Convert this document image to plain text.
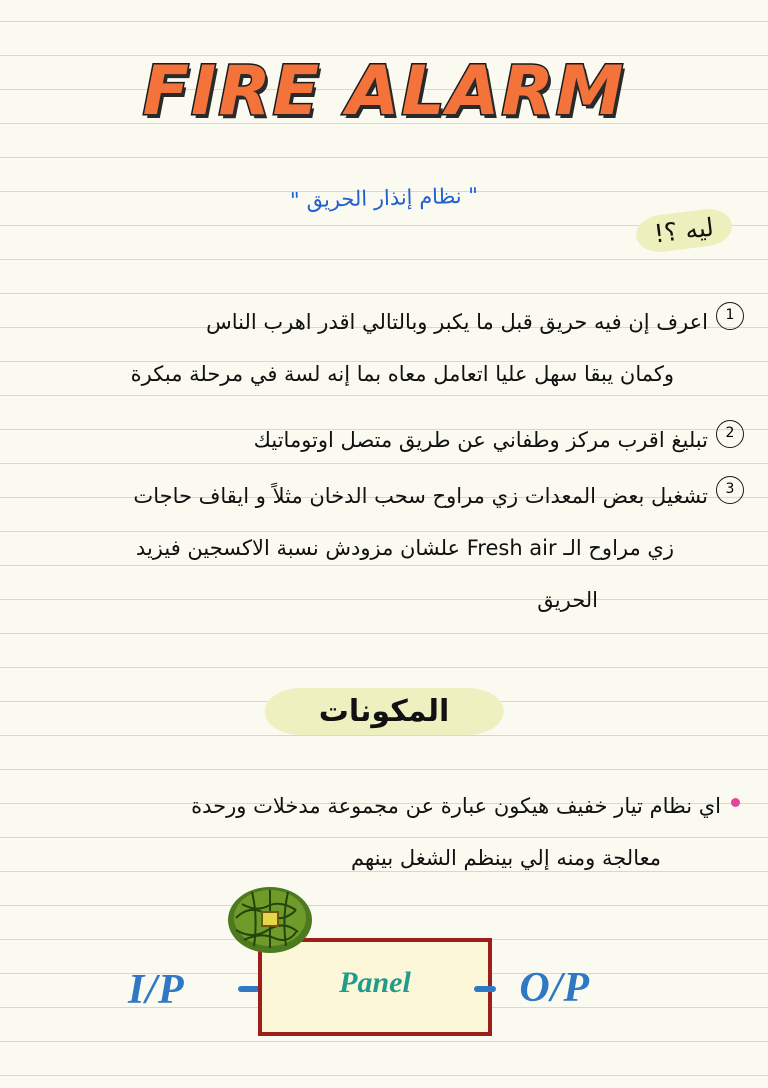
FIRE ALARM
" نظام إنذار الحريق "
ليه ؟!
1
اعرف إن فيه حريق قبل ما يكبر وبالتالي اقدر اهرب الناس
وكمان يبقا سهل عليا اتعامل معاه بما إنه لسة في مرحلة مبكرة
2
تبليغ اقرب مركز وطفاني عن طريق متصل اوتوماتيك
3
تشغيل بعض المعدات زي مراوح سحب الدخان مثلاً و ايقاف حاجات
زي مراوح الـ Fresh air علشان مزودش نسبة الاكسجين فيزيد
الحريق
المكونات
اي نظام تيار خفيف هيكون عبارة عن مجموعة مدخلات ورحدة
معالجة ومنه إلي بينظم الشغل بينهم
I/P	Panel	O/P
